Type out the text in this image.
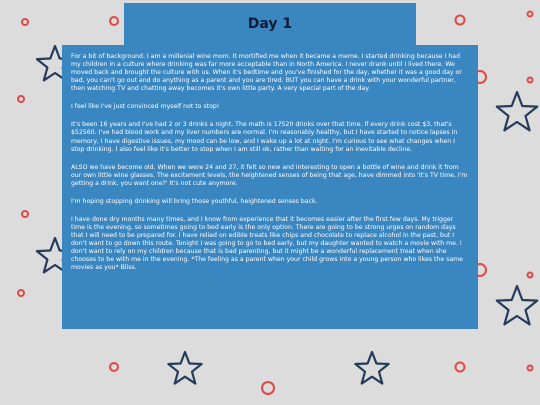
Day 1

For a bit of background. I am a millenial wine mom. It mortified me when it became a meme. I started drinking because I had my children in a culture where drinking was far more acceptable than in North America. I never drank until I lived there. We moved back and brought the culture with us. When it's bedtime and you've finished for the day, whether it was a good day or bad, you can't go out and do anything as a parent and you are tired. BUT you can have a drink with your wonderful partner, then watching TV and chatting away becomes it's own little party. A very special part of the day.

I feel like I've just convinced myself not to stop!

It's been 16 years and I've had 2 or 3 drinks a night. The math is 17520 drinks over that time. If every drink cost $3, that's $52560. I've had blood work and my liver numbers are normal. I'm reasonably healthy, but I have started to notice lapses in memory, I have digestive issues, my mood can be low, and I wake up a lot at night. I'm curious to see what changes when I stop drinking. I also feel like it's better to stop when I am still ok, rather than waiting for an inevitable decline.

ALSO we have become old. When we were 24 and 27, it felt so new and interesting to open a bottle of wine and drink it from our own little wine glasses. The excitement levels, the heightened senses of being that age, have dimmed into 'It's TV time, I'm getting a drink, you want one?' It's not cute anymore.

I'm hoping stopping drinking will bring those youthful, heightened senses back.

I have done dry months many times, and I know from experience that it becomes easier after the first few days. My trigger time is the evening, so sometimes going to bed early is the only option. There are going to be strong urges on random days that I will need to be prepared for. I have relied on edible treats like chips and chocolate to replace alcohol in the past, but I don't want to go down this route. Tonight I was going to go to bed early, but my daughter wanted to watch a movie with me. I don't want to rely on my children because that is bad parenting, but it might be a wonderful replacement treat when she chooses to be with me in the evening. *The feeling as a parent when your child grows into a young person who likes the same movies as you* Bliss.
